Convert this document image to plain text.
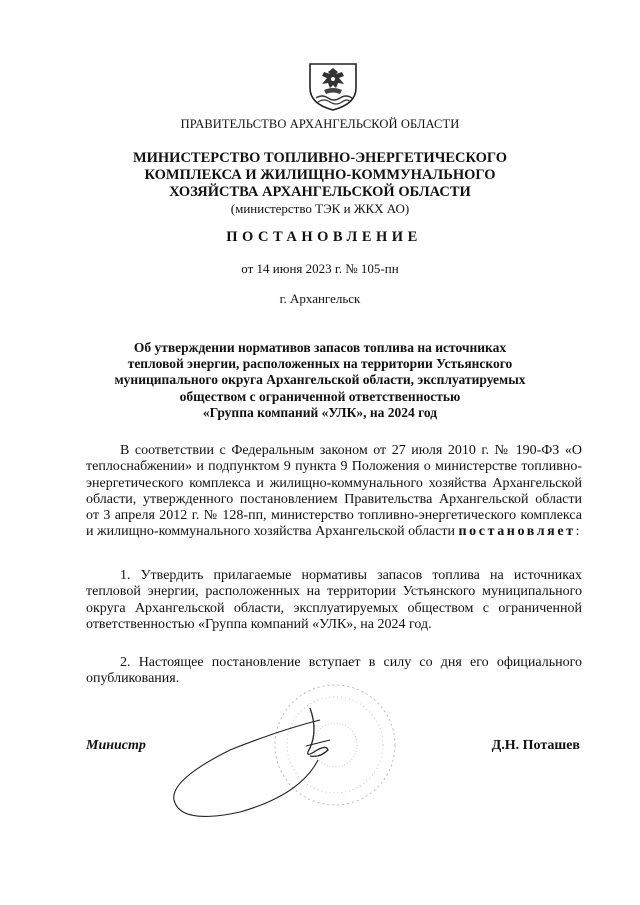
ПРАВИТЕЛЬСТВО АРХАНГЕЛЬСКОЙ ОБЛАСТИ
МИНИСТЕРСТВО ТОПЛИВНО-ЭНЕРГЕТИЧЕСКОГО
КОМПЛЕКСА И ЖИЛИЩНО-КОММУНАЛЬНОГО
ХОЗЯЙСТВА АРХАНГЕЛЬСКОЙ ОБЛАСТИ
(министерство ТЭК и ЖКХ АО)
ПОСТАНОВЛЕНИЕ
от 14 июня 2023 г. № 105-пн
г. Архангельск
Об утверждении нормативов запасов топлива на источниках
тепловой энергии, расположенных на территории Устьянского
муниципального округа Архангельской области, эксплуатируемых
обществом с ограниченной ответственностью
«Группа компаний «УЛК», на 2024 год
В соответствии с Федеральным законом от 27 июля 2010 г. № 190-ФЗ «О теплоснабжении» и подпунктом 9 пункта 9 Положения о министерстве топливно-энергетического комплекса и жилищно-коммунального хозяйства Архангельской области, утвержденного постановлением Правительства Архангельской области от 3 апреля 2012 г. № 128-пп, министерство топливно-энергетического комплекса и жилищно-коммунального хозяйства Архангельской области постановляет:
1. Утвердить прилагаемые нормативы запасов топлива на источниках тепловой энергии, расположенных на территории Устьянского муниципального округа Архангельской области, эксплуатируемых обществом с ограниченной ответственностью «Группа компаний «УЛК», на 2024 год.
2. Настоящее постановление вступает в силу со дня его официального опубликования.
Министр	Д.Н. Поташев
